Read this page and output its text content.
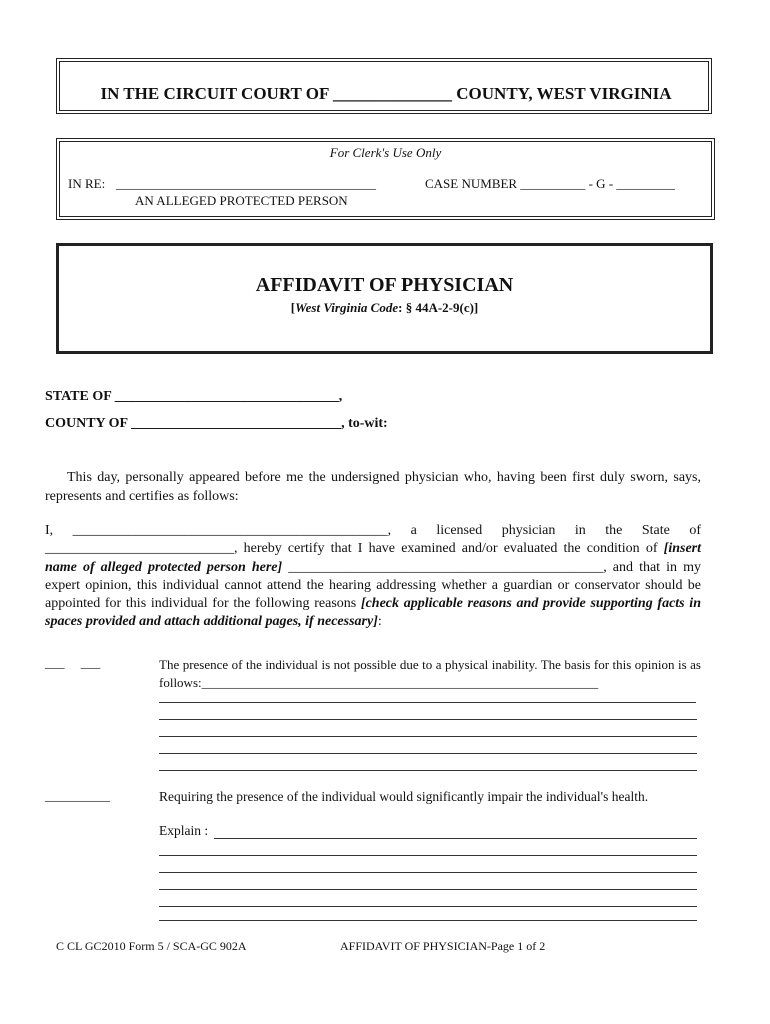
IN THE CIRCUIT COURT OF ______________ COUNTY, WEST VIRGINIA
For Clerk's Use Only
IN RE: ________________________________________	CASE NUMBER __________ - G - _________
AN ALLEGED PROTECTED PERSON
AFFIDAVIT OF PHYSICIAN
[West Virginia Code: § 44A-2-9(c)]
STATE OF ________________________________,
COUNTY OF ______________________________, to-wit:

This day, personally appeared before me the undersigned physician who, having been first duly sworn, says, represents and certifies as follows:

I, _____________________________________________, a licensed physician in the State of ___________________________, hereby certify that I have examined and/or evaluated the condition of [insert name of alleged protected person here] _____________________________________________, and that in my expert opinion, this individual cannot attend the hearing addressing whether a guardian or conservator should be appointed for this individual for the following reasons [check applicable reasons and provide supporting facts in spaces provided and attach additional pages, if necessary]:

___     ___	The presence of the individual is not possible due to a physical inability. The basis for this opinion is as follows:_____________________________________________________________

__________	Requiring the presence of the individual would significantly impair the individual's health.

Explain :
C CL GC2010 Form 5 / SCA-GC 902A	AFFIDAVIT OF PHYSICIAN-Page 1 of 2
